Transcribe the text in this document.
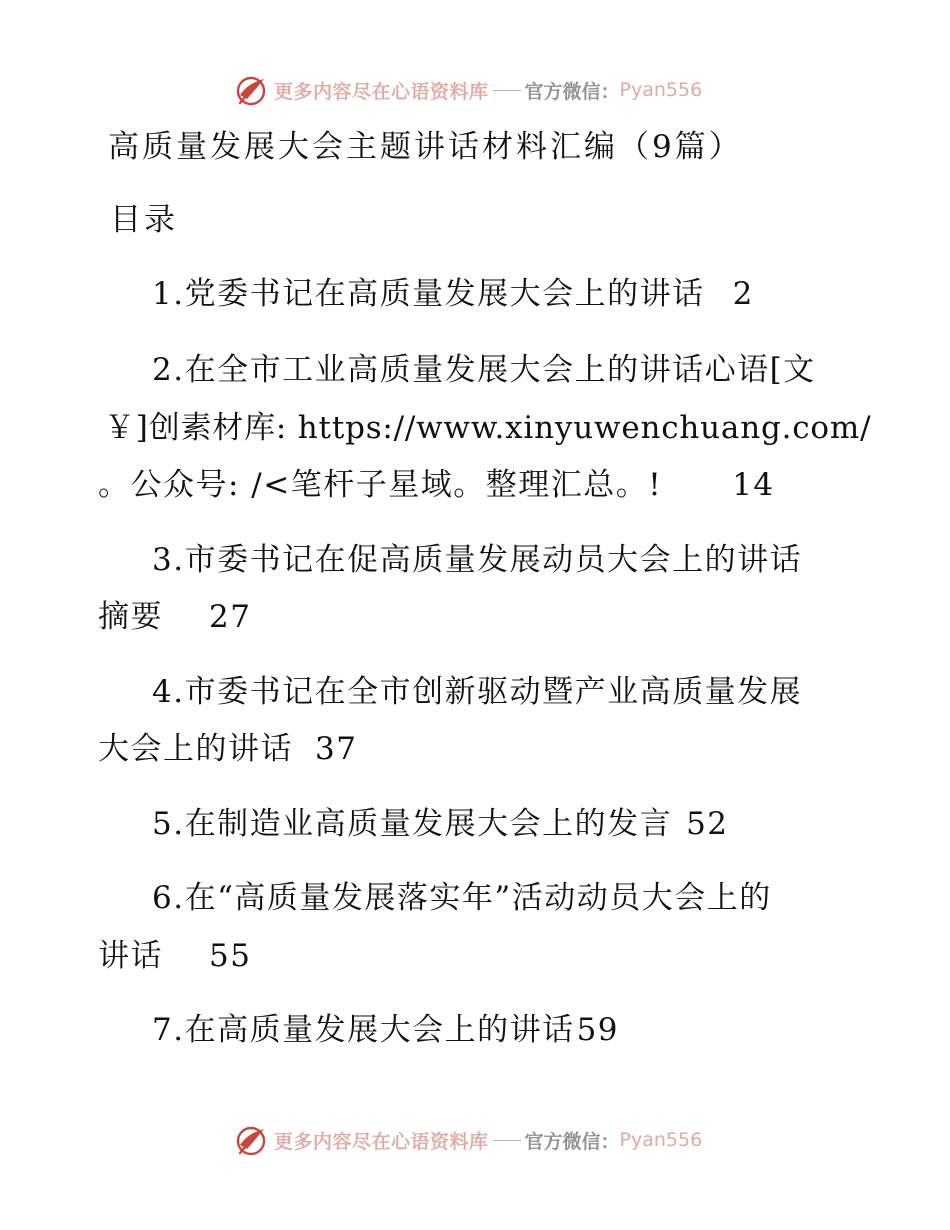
更多内容尽在心语资料库 官方微信： Pyan556
高质量发展大会主题讲话材料汇编（9篇）
目录
1.党委书记在高质量发展大会上的讲话 2
2.在全市工业高质量发展大会上的讲话心语[文
￥]创素材库: https://www.xinyuwenchuang.com/
。公众号: /<笔杆子星域。整理汇总。! 14
3.市委书记在促高质量发展动员大会上的讲话
摘要 27
4.市委书记在全市创新驱动暨产业高质量发展
大会上的讲话 37
5.在制造业高质量发展大会上的发言 52
6.在“高质量发展落实年”活动动员大会上的
讲话 55
7.在高质量发展大会上的讲话59
更多内容尽在心语资料库 官方微信： Pyan556
